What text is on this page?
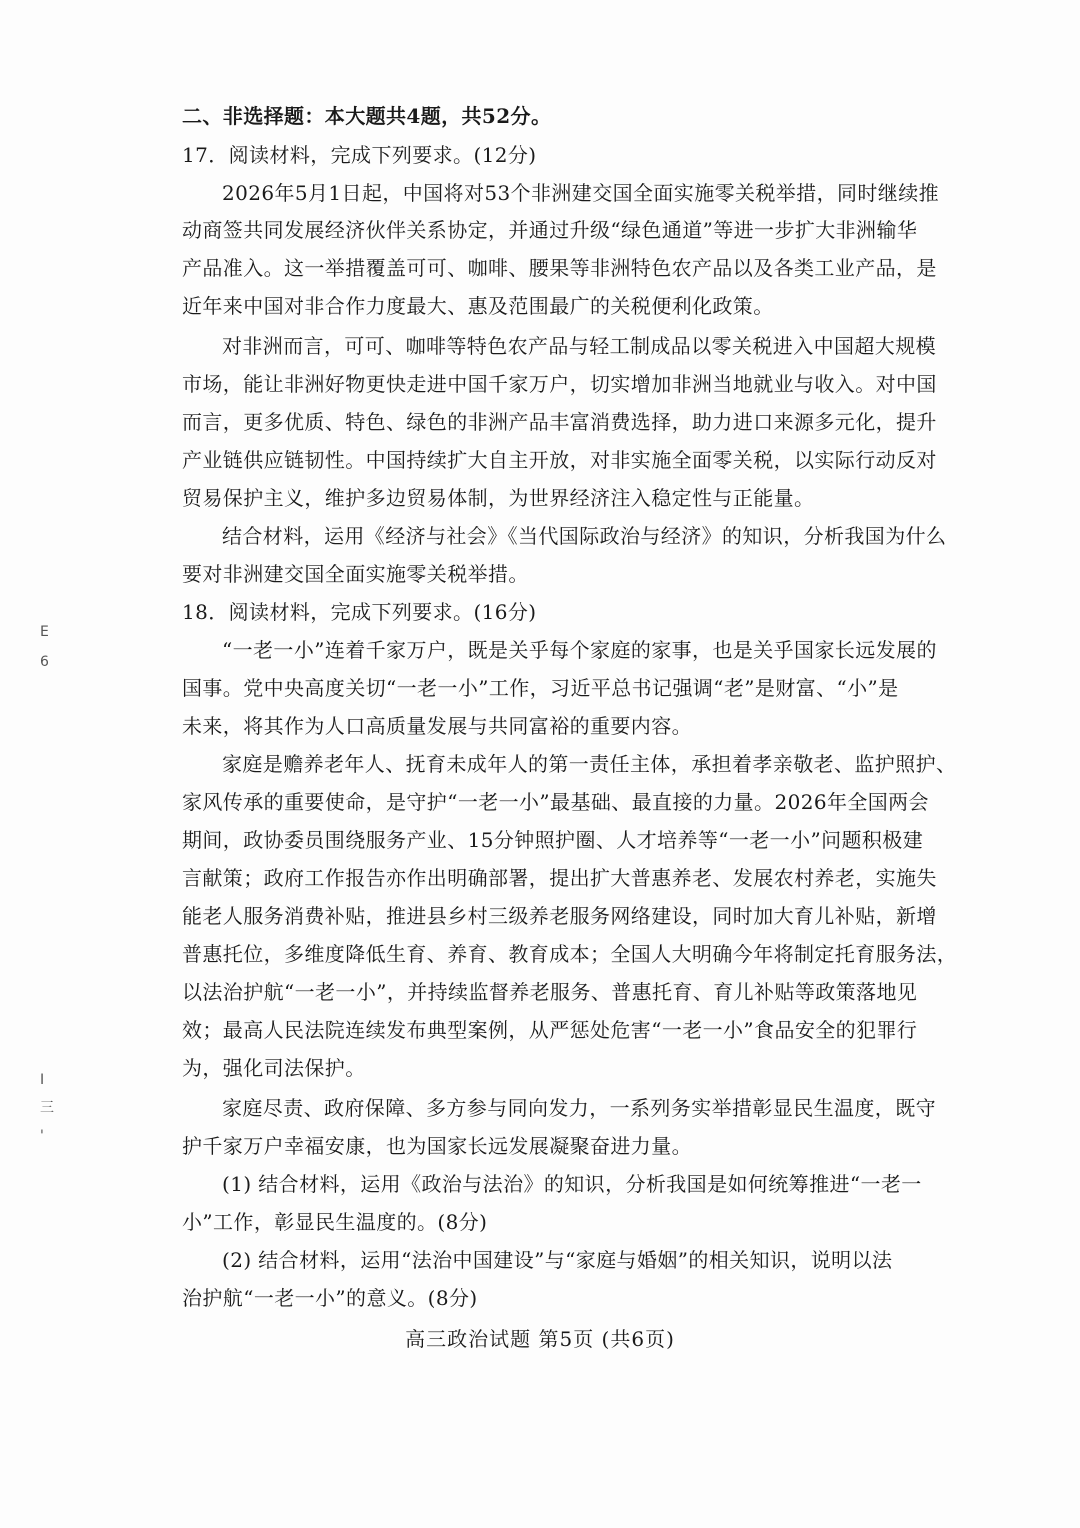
E
6
I
三
'
二、非选择题：本大题共4题，共52分。
17．阅读材料，完成下列要求。(12分)
2026年5月1日起，中国将对53个非洲建交国全面实施零关税举措，同时继续推
动商签共同发展经济伙伴关系协定，并通过升级“绿色通道”等进一步扩大非洲输华
产品准入。这一举措覆盖可可、咖啡、腰果等非洲特色农产品以及各类工业产品，是
近年来中国对非合作力度最大、惠及范围最广的关税便利化政策。
对非洲而言，可可、咖啡等特色农产品与轻工制成品以零关税进入中国超大规模
市场，能让非洲好物更快走进中国千家万户，切实增加非洲当地就业与收入。对中国
而言，更多优质、特色、绿色的非洲产品丰富消费选择，助力进口来源多元化，提升
产业链供应链韧性。中国持续扩大自主开放，对非实施全面零关税，以实际行动反对
贸易保护主义，维护多边贸易体制，为世界经济注入稳定性与正能量。
结合材料，运用《经济与社会》《当代国际政治与经济》的知识，分析我国为什么
要对非洲建交国全面实施零关税举措。
18．阅读材料，完成下列要求。(16分)
“一老一小”连着千家万户，既是关乎每个家庭的家事，也是关乎国家长远发展的
国事。党中央高度关切“一老一小”工作，习近平总书记强调“老”是财富、“小”是
未来，将其作为人口高质量发展与共同富裕的重要内容。
家庭是赡养老年人、抚育未成年人的第一责任主体，承担着孝亲敬老、监护照护、
家风传承的重要使命，是守护“一老一小”最基础、最直接的力量。2026年全国两会
期间，政协委员围绕服务产业、15分钟照护圈、人才培养等“一老一小”问题积极建
言献策；政府工作报告亦作出明确部署，提出扩大普惠养老、发展农村养老，实施失
能老人服务消费补贴，推进县乡村三级养老服务网络建设，同时加大育儿补贴，新增
普惠托位，多维度降低生育、养育、教育成本；全国人大明确今年将制定托育服务法，
以法治护航“一老一小”，并持续监督养老服务、普惠托育、育儿补贴等政策落地见
效；最高人民法院连续发布典型案例，从严惩处危害“一老一小”食品安全的犯罪行
为，强化司法保护。
家庭尽责、政府保障、多方参与同向发力，一系列务实举措彰显民生温度，既守
护千家万户幸福安康，也为国家长远发展凝聚奋进力量。
(1) 结合材料，运用《政治与法治》的知识，分析我国是如何统筹推进“一老一
小”工作，彰显民生温度的。(8分)
(2) 结合材料，运用“法治中国建设”与“家庭与婚姻”的相关知识，说明以法
治护航“一老一小”的意义。(8分)
高三政治试题 第5页 (共6页)
